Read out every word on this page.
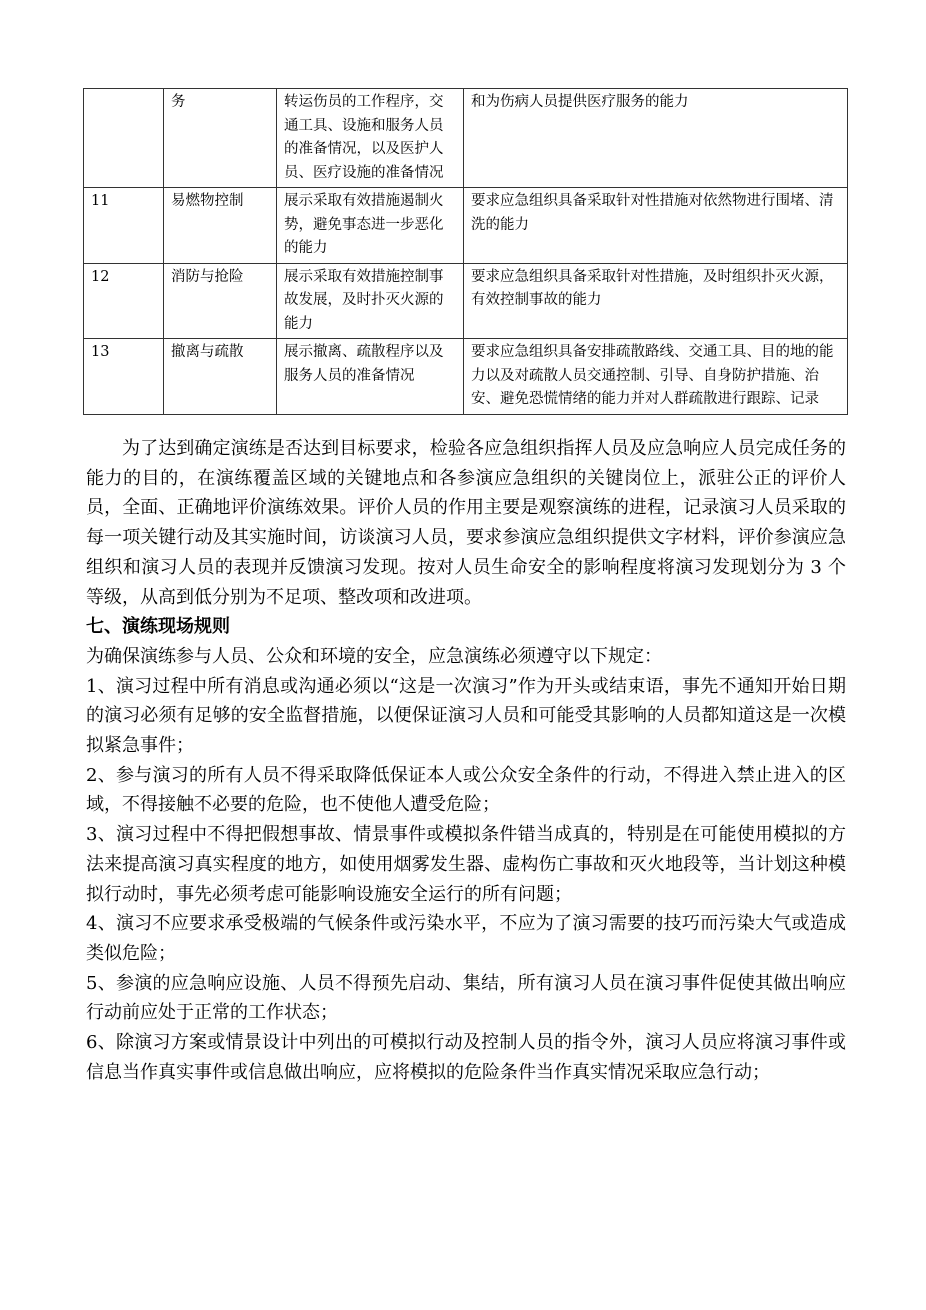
	务	转运伤员的工作程序，交通工具、设施和服务人员的准备情况，以及医护人员、医疗设施的准备情况	和为伤病人员提供医疗服务的能力
11	易燃物控制	展示采取有效措施遏制火势，避免事态进一步恶化的能力	要求应急组织具备采取针对性措施对依然物进行围堵、清洗的能力
12	消防与抢险	展示采取有效措施控制事故发展，及时扑灭火源的能力	要求应急组织具备采取针对性措施，及时组织扑灭火源，有效控制事故的能力
13	撤离与疏散	展示撤离、疏散程序以及服务人员的准备情况	要求应急组织具备安排疏散路线、交通工具、目的地的能力以及对疏散人员交通控制、引导、自身防护措施、治安、避免恐慌情绪的能力并对人群疏散进行跟踪、记录

为了达到确定演练是否达到目标要求，检验各应急组织指挥人员及应急响应人员完成任务的能力的目的，在演练覆盖区域的关键地点和各参演应急组织的关键岗位上，派驻公正的评价人员，全面、正确地评价演练效果。评价人员的作用主要是观察演练的进程，记录演习人员采取的每一项关键行动及其实施时间，访谈演习人员，要求参演应急组织提供文字材料，评价参演应急组织和演习人员的表现并反馈演习发现。按对人员生命安全的影响程度将演习发现划分为 3 个等级，从高到低分别为不足项、整改项和改进项。

七、演练现场规则

为确保演练参与人员、公众和环境的安全，应急演练必须遵守以下规定：

1、演习过程中所有消息或沟通必须以“这是一次演习”作为开头或结束语，事先不通知开始日期的演习必须有足够的安全监督措施，以便保证演习人员和可能受其影响的人员都知道这是一次模拟紧急事件；

2、参与演习的所有人员不得采取降低保证本人或公众安全条件的行动，不得进入禁止进入的区域，不得接触不必要的危险，也不使他人遭受危险；

3、演习过程中不得把假想事故、情景事件或模拟条件错当成真的，特别是在可能使用模拟的方法来提高演习真实程度的地方，如使用烟雾发生器、虚构伤亡事故和灭火地段等，当计划这种模拟行动时，事先必须考虑可能影响设施安全运行的所有问题；

4、演习不应要求承受极端的气候条件或污染水平，不应为了演习需要的技巧而污染大气或造成类似危险；

5、参演的应急响应设施、人员不得预先启动、集结，所有演习人员在演习事件促使其做出响应行动前应处于正常的工作状态；

6、除演习方案或情景设计中列出的可模拟行动及控制人员的指令外，演习人员应将演习事件或信息当作真实事件或信息做出响应，应将模拟的危险条件当作真实情况采取应急行动；
